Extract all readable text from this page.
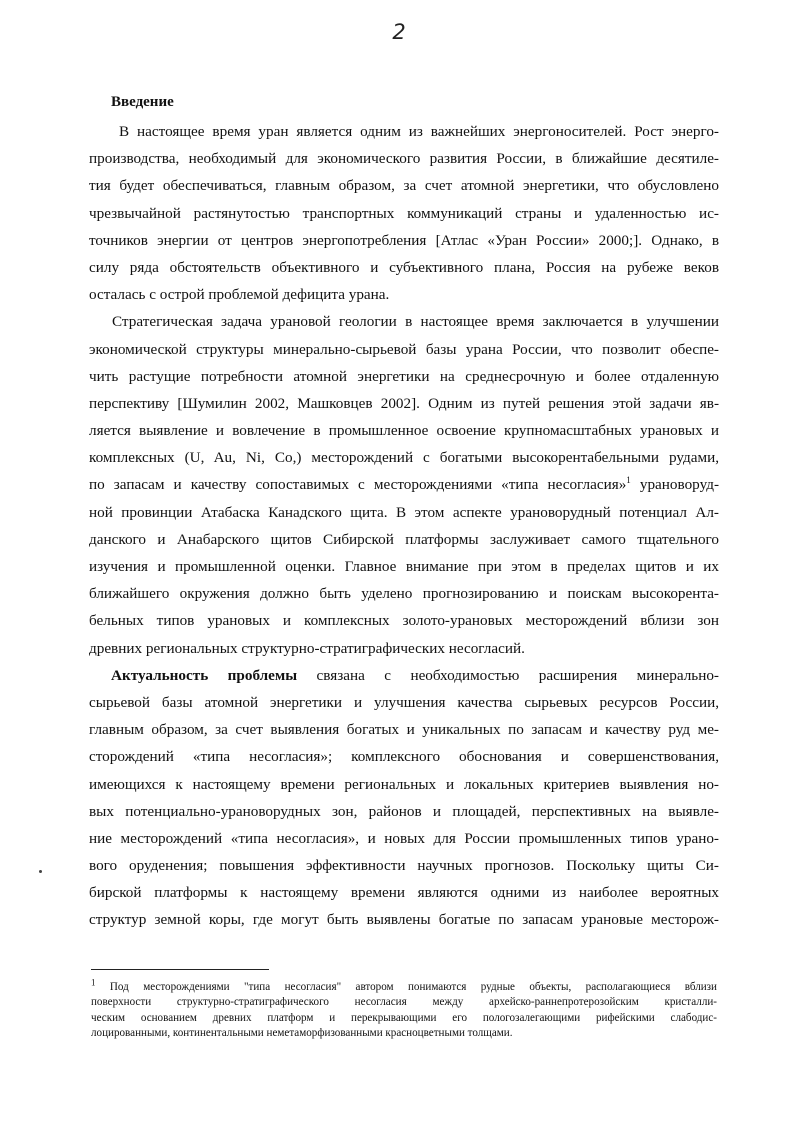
2
Введение
В настоящее время уран является одним из важнейших энергоносителей. Рост энерго-
производства, необходимый для экономического развития России, в ближайшие десятиле-
тия будет обеспечиваться, главным образом, за счет атомной энергетики, что обусловлено
чрезвычайной растянутостью транспортных коммуникаций страны и удаленностью ис-
точников энергии от центров энергопотребления [Атлас «Уран России» 2000;]. Однако, в
силу ряда обстоятельств объективного и субъективного плана, Россия на рубеже веков
осталась с острой проблемой дефицита урана.
Стратегическая задача урановой геологии в настоящее время заключается в улучшении
экономической структуры минерально-сырьевой базы урана России, что позволит обеспе-
чить растущие потребности атомной энергетики на среднесрочную и более отдаленную
перспективу [Шумилин 2002, Машковцев 2002]. Одним из путей решения этой задачи яв-
ляется выявление и вовлечение в промышленное освоение крупномасштабных урановых и
комплексных (U, Au, Ni, Co,) месторождений с богатыми высокорентабельными рудами,
по запасам и качеству сопоставимых с месторождениями «типа несогласия»$^1$ урановоруд-
ной провинции Атабаска Канадского щита. В этом аспекте урановорудный потенциал Ал-
данского и Анабарского щитов Сибирской платформы заслуживает самого тщательного
изучения и промышленной оценки. Главное внимание при этом в пределах щитов и их
ближайшего окружения должно быть уделено прогнозированию и поискам высокорента-
бельных типов урановых и комплексных золото-урановых месторождений вблизи зон
древних региональных структурно-стратиграфических несогласий.
Актуальность проблемы связана с необходимостью расширения минерально-
сырьевой базы атомной энергетики и улучшения качества сырьевых ресурсов России,
главным образом, за счет выявления богатых и уникальных по запасам и качеству руд ме-
сторождений «типа несогласия»; комплексного обоснования и совершенствования,
имеющихся к настоящему времени региональных и локальных критериев выявления но-
вых потенциально-урановорудных зон, районов и площадей, перспективных на выявле-
ние месторождений «типа несогласия», и новых для России промышленных типов урано-
вого оруденения; повышения эффективности научных прогнозов. Поскольку щиты Си-
бирской платформы к настоящему времени являются одними из наиболее вероятных
структур земной коры, где могут быть выявлены богатые по запасам урановые месторож-
$^1$ Под месторождениями "типа несогласия" автором понимаются рудные объекты, располагающиеся вблизи
поверхности структурно-стратиграфического несогласия между архейско-раннепротерозойским кристалли-
ческим основанием древних платформ и перекрывающими его пологозалегающими рифейскими слабодис-
лоцированными, континентальными неметаморфизованными красноцветными толщами.
